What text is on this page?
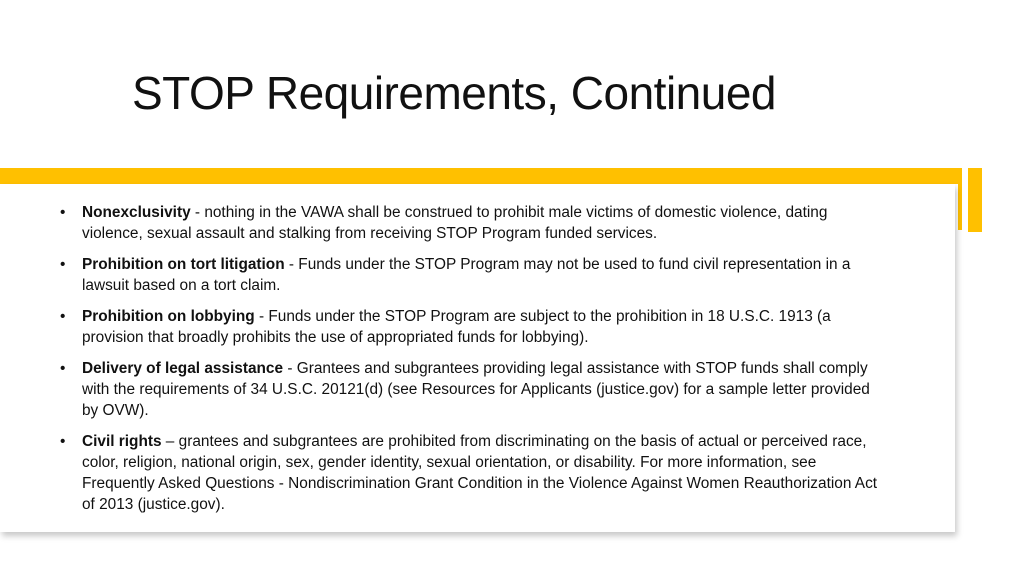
STOP Requirements, Continued
• Nonexclusivity - nothing in the VAWA shall be construed to prohibit male victims of domestic violence, dating violence, sexual assault and stalking from receiving STOP Program funded services.
• Prohibition on tort litigation - Funds under the STOP Program may not be used to fund civil representation in a lawsuit based on a tort claim.
• Prohibition on lobbying - Funds under the STOP Program are subject to the prohibition in 18 U.S.C. 1913 (a provision that broadly prohibits the use of appropriated funds for lobbying).
• Delivery of legal assistance - Grantees and subgrantees providing legal assistance with STOP funds shall comply with the requirements of 34 U.S.C. 20121(d) (see Resources for Applicants (justice.gov) for a sample letter provided by OVW).
• Civil rights – grantees and subgrantees are prohibited from discriminating on the basis of actual or perceived race, color, religion, national origin, sex, gender identity, sexual orientation, or disability. For more information, see Frequently Asked Questions - Nondiscrimination Grant Condition in the Violence Against Women Reauthorization Act of 2013 (justice.gov).
